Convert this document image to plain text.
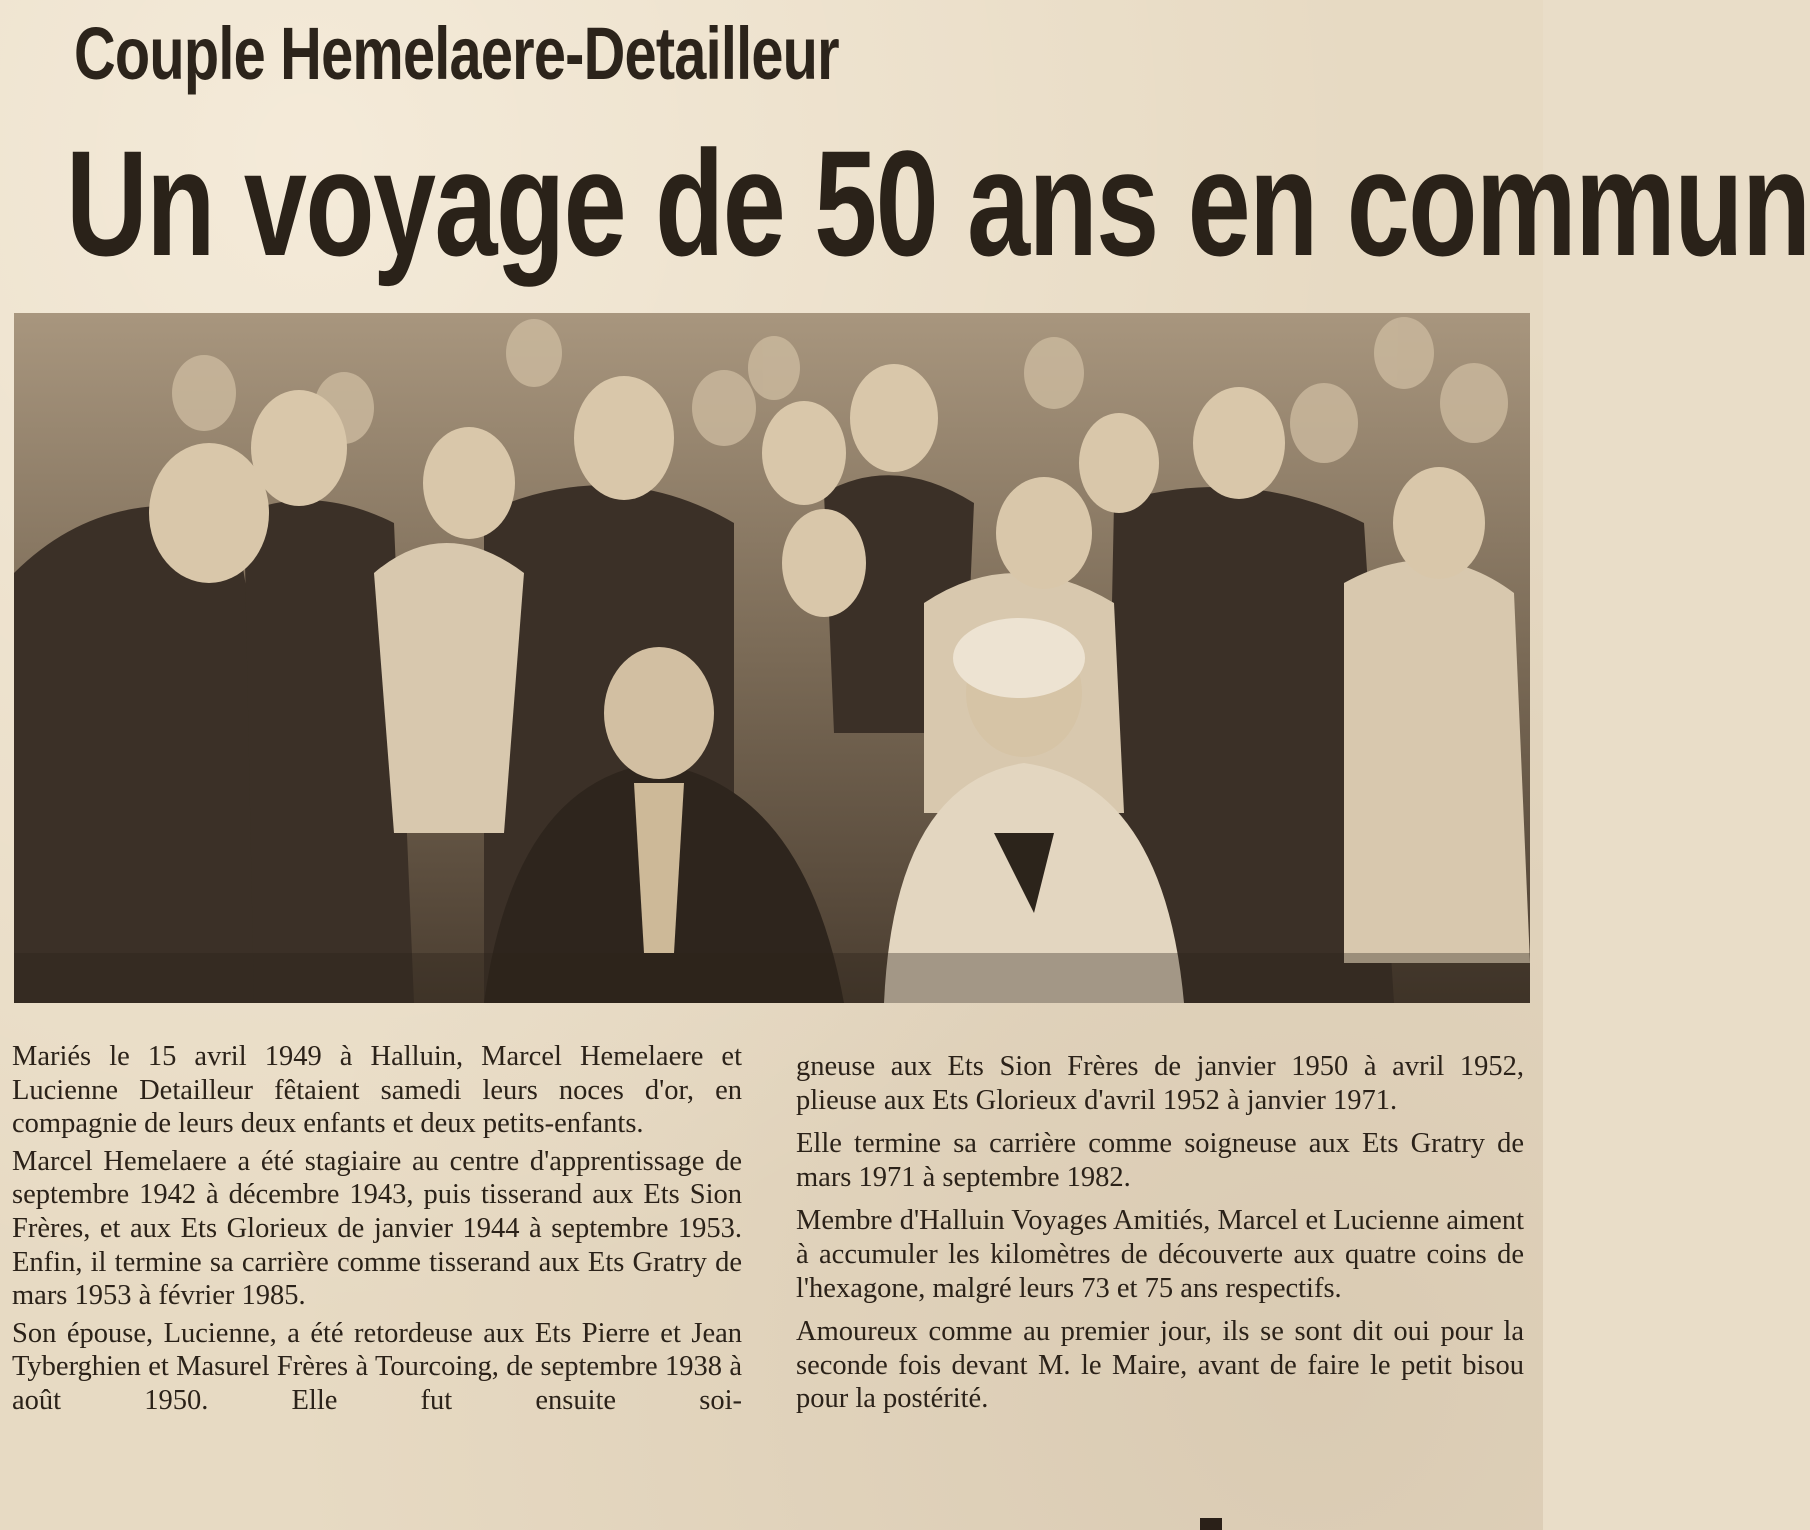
Couple Hemelaere-Detailleur
Un voyage de 50 ans en commun

Mariés le 15 avril 1949 à Halluin, Marcel Hemelaere et Lucienne Detailleur fêtaient samedi leurs noces d'or, en compagnie de leurs deux enfants et deux petits-enfants.

Marcel Hemelaere a été stagiaire au centre d'apprentissage de septembre 1942 à décembre 1943, puis tisserand aux Ets Sion Frères, et aux Ets Glorieux de janvier 1944 à septembre 1953. Enfin, il termine sa carrière comme tisserand aux Ets Gratry de mars 1953 à février 1985.

Son épouse, Lucienne, a été retordeuse aux Ets Pierre et Jean Tyberghien et Masurel Frères à Tourcoing, de septembre 1938 à août 1950. Elle fut ensuite soi-

gneuse aux Ets Sion Frères de janvier 1950 à avril 1952, plieuse aux Ets Glorieux d'avril 1952 à janvier 1971.

Elle termine sa carrière comme soigneuse aux Ets Gratry de mars 1971 à septembre 1982.

Membre d'Halluin Voyages Amitiés, Marcel et Lucienne aiment à accumuler les kilomètres de découverte aux quatre coins de l'hexagone, malgré leurs 73 et 75 ans respectifs.

Amoureux comme au premier jour, ils se sont dit oui pour la seconde fois devant M. le Maire, avant de faire le petit bisou pour la postérité.
